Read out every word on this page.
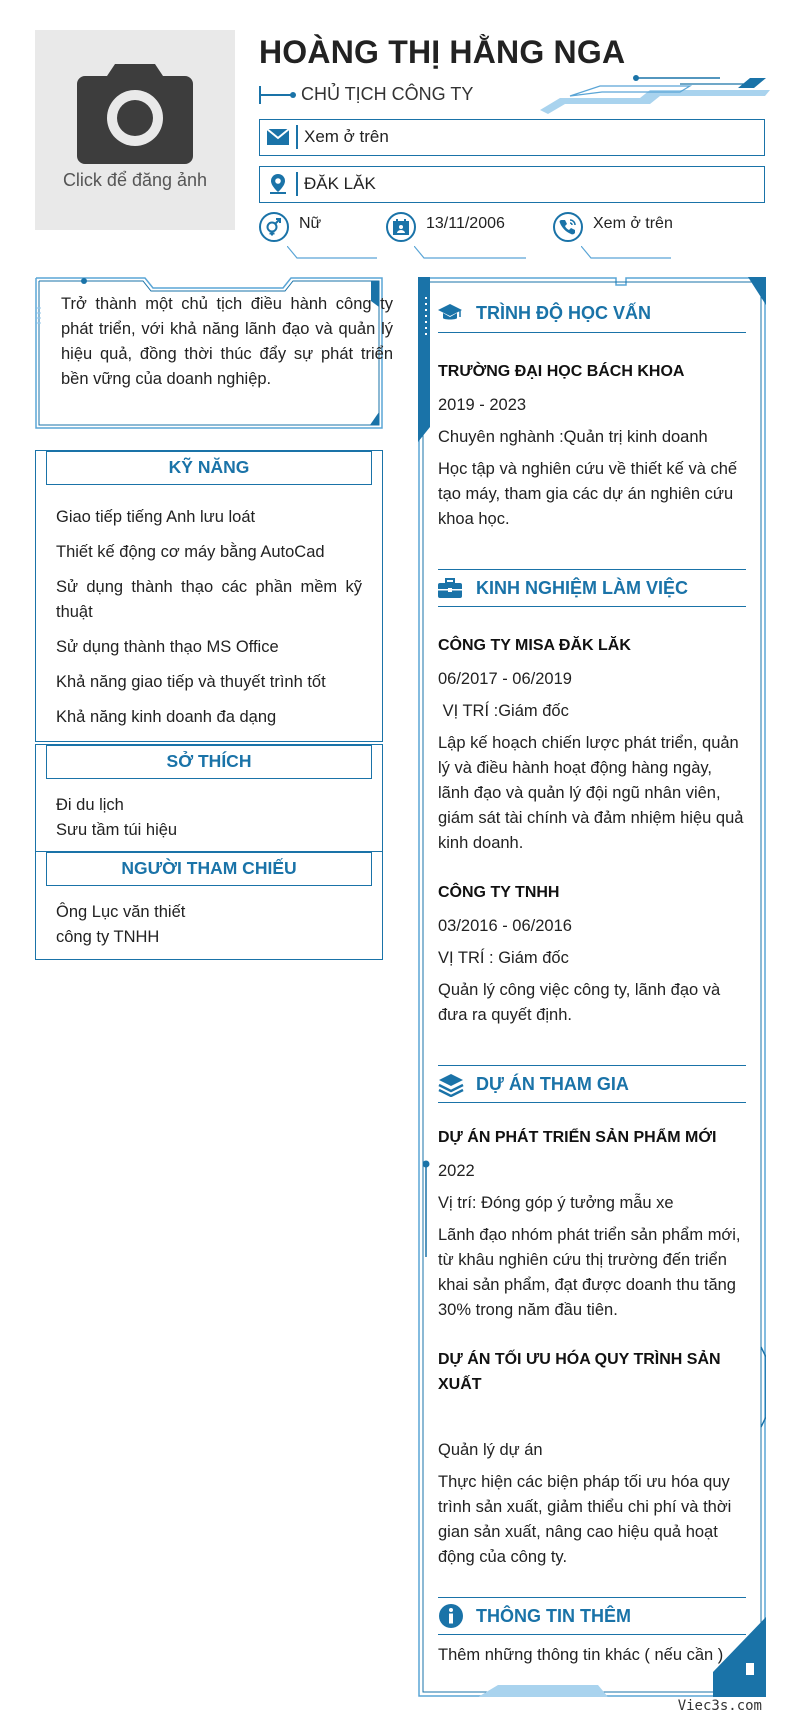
Click để đăng ảnh
HOÀNG THỊ HẰNG NGA
CHỦ TỊCH CÔNG TY
Xem ở trên
ĐĂK LĂK
Nữ	13/11/2006	Xem ở trên

Trở thành một chủ tịch điều hành công ty phát triển, với khả năng lãnh đạo và quản lý hiệu quả, đồng thời thúc đẩy sự phát triển bền vững của doanh nghiệp.

KỸ NĂNG
Giao tiếp tiếng Anh lưu loát
Thiết kế động cơ máy bằng AutoCad
Sử dụng thành thạo các phần mềm kỹ thuật
Sử dụng thành thạo MS Office
Khả năng giao tiếp và thuyết trình tốt
Khả năng kinh doanh đa dạng
SỞ THÍCH
Đi du lịch
Sưu tầm túi hiệu
NGƯỜI THAM CHIẾU
Ông Lục văn thiết
công ty TNHH
TRÌNH ĐỘ HỌC VẤN
TRƯỜNG ĐẠI HỌC BÁCH KHOA
2019 - 2023
Chuyên nghành :Quản trị kinh doanh
Học tập và nghiên cứu về thiết kế và chế tạo máy, tham gia các dự án nghiên cứu khoa học.
KINH NGHIỆM LÀM VIỆC
CÔNG TY MISA ĐĂK LĂK
06/2017 - 06/2019
VỊ TRÍ :Giám đốc
Lập kế hoạch chiến lược phát triển, quản lý và điều hành hoạt động hàng ngày, lãnh đạo và quản lý đội ngũ nhân viên, giám sát tài chính và đảm nhiệm hiệu quả kinh doanh.
CÔNG TY TNHH
03/2016 - 06/2016
VỊ TRÍ : Giám đốc
Quản lý công việc công ty, lãnh đạo và đưa ra quyết định.
DỰ ÁN THAM GIA
DỰ ÁN PHÁT TRIỂN SẢN PHẨM MỚI
2022
Vị trí: Đóng góp ý tưởng mẫu xe
Lãnh đạo nhóm phát triển sản phẩm mới, từ khâu nghiên cứu thị trường đến triển khai sản phẩm, đạt được doanh thu tăng 30% trong năm đầu tiên.
DỰ ÁN TỐI ƯU HÓA QUY TRÌNH SẢN XUẤT
Quản lý dự án
Thực hiện các biện pháp tối ưu hóa quy trình sản xuất, giảm thiểu chi phí và thời gian sản xuất, nâng cao hiệu quả hoạt động của công ty.
THÔNG TIN THÊM
Thêm những thông tin khác ( nếu cần )
Viec3s.com
